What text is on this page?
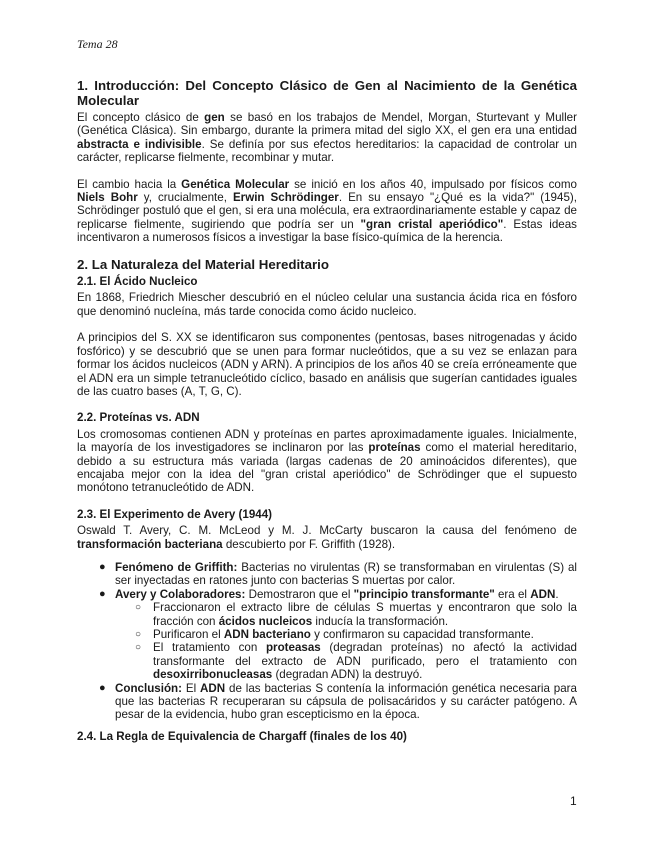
Tema 28
1. Introducción: Del Concepto Clásico de Gen al Nacimiento de la Genética Molecular

El concepto clásico de gen se basó en los trabajos de Mendel, Morgan, Sturtevant y Muller (Genética Clásica). Sin embargo, durante la primera mitad del siglo XX, el gen era una entidad abstracta e indivisible. Se definía por sus efectos hereditarios: la capacidad de controlar un carácter, replicarse fielmente, recombinar y mutar.

El cambio hacia la Genética Molecular se inició en los años 40, impulsado por físicos como Niels Bohr y, crucialmente, Erwin Schrödinger. En su ensayo "¿Qué es la vida?" (1945), Schrödinger postuló que el gen, si era una molécula, era extraordinariamente estable y capaz de replicarse fielmente, sugiriendo que podría ser un "gran cristal aperiódico". Estas ideas incentivaron a numerosos físicos a investigar la base físico-química de la herencia.

2. La Naturaleza del Material Hereditario
2.1. El Ácido Nucleico

En 1868, Friedrich Miescher descubrió en el núcleo celular una sustancia ácida rica en fósforo que denominó nucleína, más tarde conocida como ácido nucleico.

A principios del S. XX se identificaron sus componentes (pentosas, bases nitrogenadas y ácido fosfórico) y se descubrió que se unen para formar nucleótidos, que a su vez se enlazan para formar los ácidos nucleicos (ADN y ARN). A principios de los años 40 se creía erróneamente que el ADN era un simple tetranucleótido cíclico, basado en análisis que sugerían cantidades iguales de las cuatro bases (A, T, G, C).

2.2. Proteínas vs. ADN

Los cromosomas contienen ADN y proteínas en partes aproximadamente iguales. Inicialmente, la mayoría de los investigadores se inclinaron por las proteínas como el material hereditario, debido a su estructura más variada (largas cadenas de 20 aminoácidos diferentes), que encajaba mejor con la idea del "gran cristal aperiódico" de Schrödinger que el supuesto monótono tetranucleótido de ADN.

2.3. El Experimento de Avery (1944)

Oswald T. Avery, C. M. McLeod y M. J. McCarty buscaron la causa del fenómeno de transformación bacteriana descubierto por F. Griffith (1928).

● Fenómeno de Griffith: Bacterias no virulentas (R) se transformaban en virulentas (S) al ser inyectadas en ratones junto con bacterias S muertas por calor.
● Avery y Colaboradores: Demostraron que el "principio transformante" era el ADN.
○ Fraccionaron el extracto libre de células S muertas y encontraron que solo la fracción con ácidos nucleicos inducía la transformación.
○ Purificaron el ADN bacteriano y confirmaron su capacidad transformante.
○ El tratamiento con proteasas (degradan proteínas) no afectó la actividad transformante del extracto de ADN purificado, pero el tratamiento con desoxirribonucleasas (degradan ADN) la destruyó.
● Conclusión: El ADN de las bacterias S contenía la información genética necesaria para que las bacterias R recuperaran su cápsula de polisacáridos y su carácter patógeno. A pesar de la evidencia, hubo gran escepticismo en la época.
2.4. La Regla de Equivalencia de Chargaff (finales de los 40)
1
